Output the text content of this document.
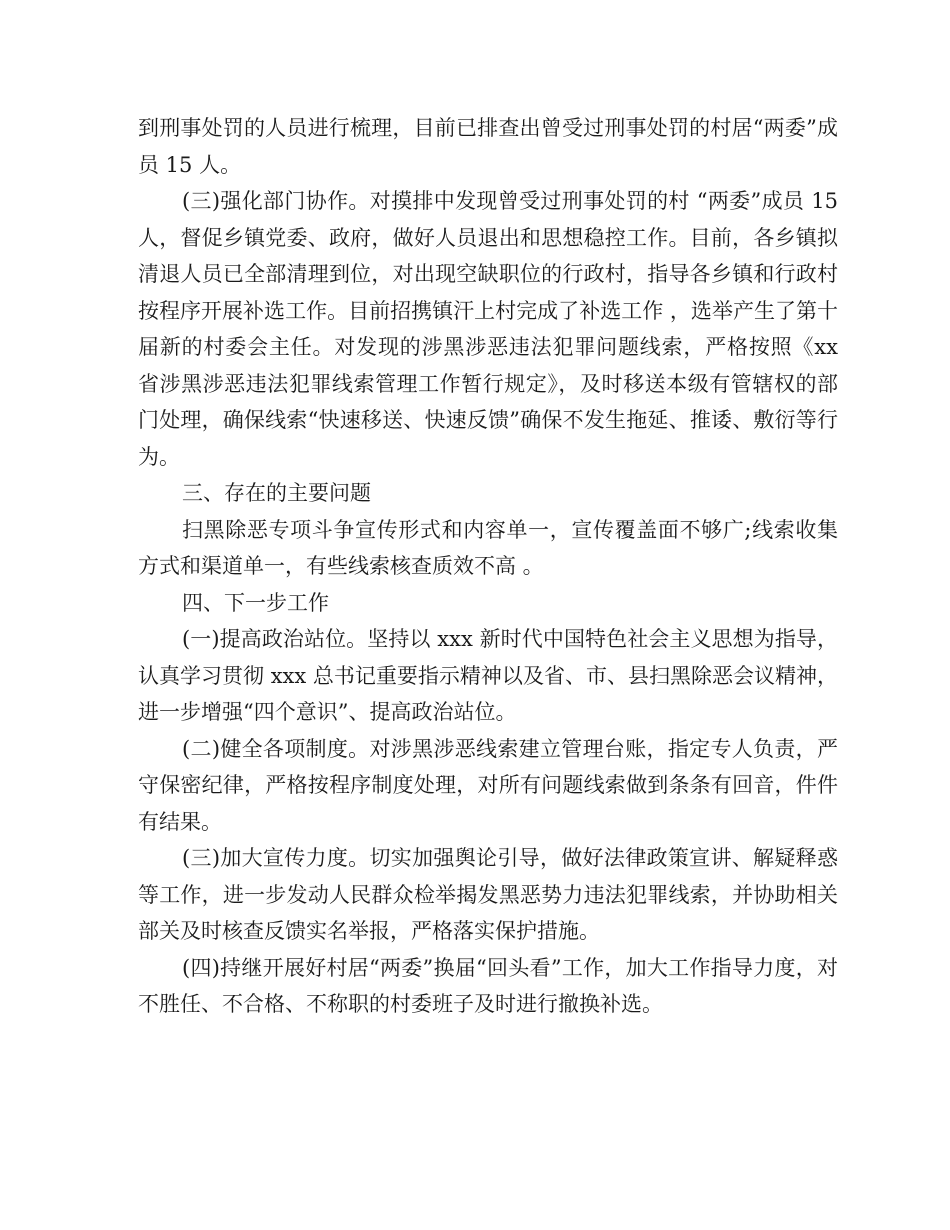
到刑事处罚的人员进行梳理，目前已排查出曾受过刑事处罚的村居“两委”成员 15 人。

(三)强化部门协作。对摸排中发现曾受过刑事处罚的村 “两委”成员 15 人，督促乡镇党委、政府，做好人员退出和思想稳控工作。目前，各乡镇拟清退人员已全部清理到位，对出现空缺职位的行政村，指导各乡镇和行政村按程序开展补选工作。目前招携镇汗上村完成了补选工作 ，选举产生了第十届新的村委会主任。对发现的涉黑涉恶违法犯罪问题线索，严格按照《xx 省涉黑涉恶违法犯罪线索管理工作暂行规定》，及时移送本级有管辖权的部门处理，确保线索“快速移送、快速反馈”确保不发生拖延、推诿、敷衍等行为。

三、存在的主要问题

扫黑除恶专项斗争宣传形式和内容单一，宣传覆盖面不够广;线索收集方式和渠道单一，有些线索核查质效不高 。

四、下一步工作

(一)提高政治站位。坚持以 xxx 新时代中国特色社会主义思想为指导，认真学习贯彻 xxx 总书记重要指示精神以及省、市、县扫黑除恶会议精神，进一步增强“四个意识”、提高政治站位。

(二)健全各项制度。对涉黑涉恶线索建立管理台账，指定专人负责，严守保密纪律，严格按程序制度处理，对所有问题线索做到条条有回音，件件有结果。

(三)加大宣传力度。切实加强舆论引导，做好法律政策宣讲、解疑释惑等工作，进一步发动人民群众检举揭发黑恶势力违法犯罪线索，并协助相关部关及时核查反馈实名举报，严格落实保护措施。

(四)持继开展好村居“两委”换届“回头看”工作，加大工作指导力度，对不胜任、不合格、不称职的村委班子及时进行撤换补选。
